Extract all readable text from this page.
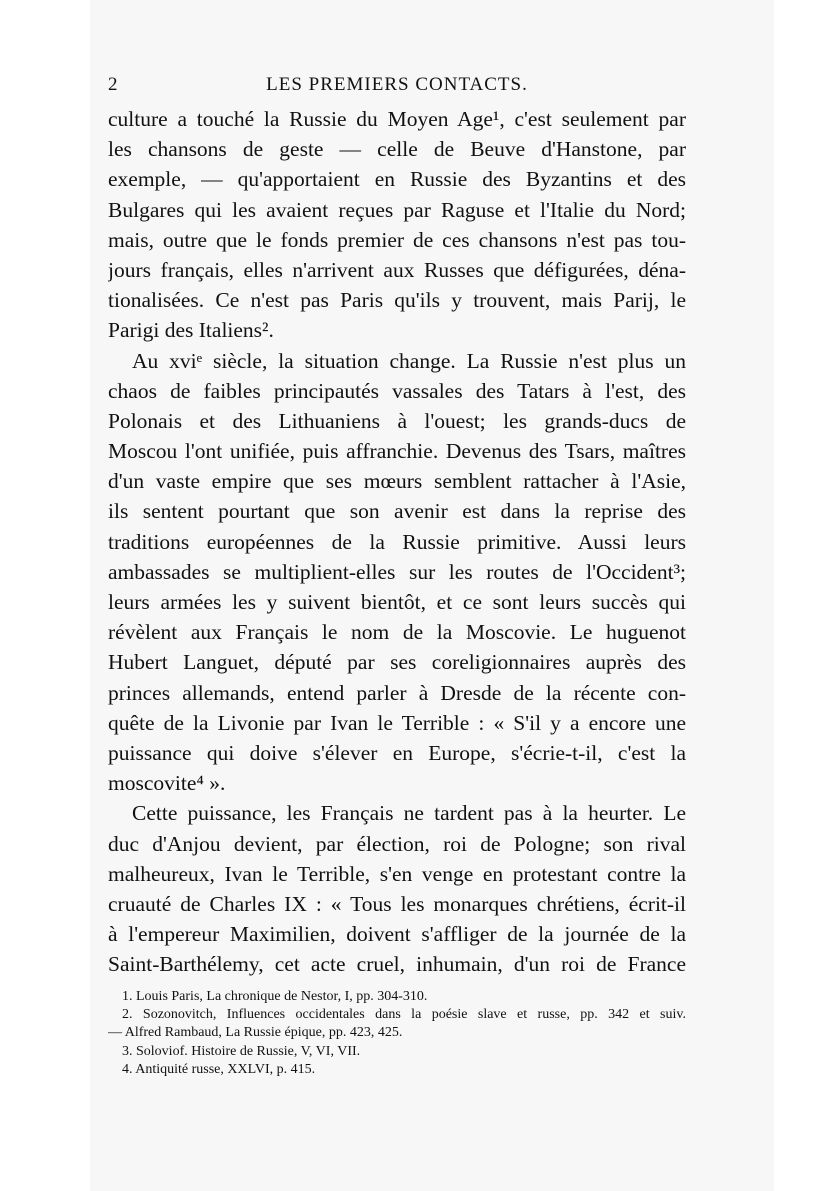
2	LES PREMIERS CONTACTS.
culture a touché la Russie du Moyen Age¹, c'est seulement par
les chansons de geste — celle de Beuve d'Hanstone, par
exemple, — qu'apportaient en Russie des Byzantins et des
Bulgares qui les avaient reçues par Raguse et l'Italie du Nord;
mais, outre que le fonds premier de ces chansons n'est pas tou-
jours français, elles n'arrivent aux Russes que défigurées, déna-
tionalisées. Ce n'est pas Paris qu'ils y trouvent, mais Parij, le
Parigi des Italiens².
Au xviᵉ siècle, la situation change. La Russie n'est plus un
chaos de faibles principautés vassales des Tatars à l'est, des
Polonais et des Lithuaniens à l'ouest; les grands-ducs de
Moscou l'ont unifiée, puis affranchie. Devenus des Tsars, maîtres
d'un vaste empire que ses mœurs semblent rattacher à l'Asie,
ils sentent pourtant que son avenir est dans la reprise des
traditions européennes de la Russie primitive. Aussi leurs
ambassades se multiplient-elles sur les routes de l'Occident³;
leurs armées les y suivent bientôt, et ce sont leurs succès qui
révèlent aux Français le nom de la Moscovie. Le huguenot
Hubert Languet, député par ses coreligionnaires auprès des
princes allemands, entend parler à Dresde de la récente con-
quête de la Livonie par Ivan le Terrible : « S'il y a encore une
puissance qui doive s'élever en Europe, s'écrie-t-il, c'est la
moscovite⁴ ».
Cette puissance, les Français ne tardent pas à la heurter. Le
duc d'Anjou devient, par élection, roi de Pologne; son rival
malheureux, Ivan le Terrible, s'en venge en protestant contre la
cruauté de Charles IX : « Tous les monarques chrétiens, écrit-il
à l'empereur Maximilien, doivent s'affliger de la journée de la
Saint-Barthélemy, cet acte cruel, inhumain, d'un roi de France
1. Louis Paris, La chronique de Nestor, I, pp. 304-310.
2. Sozonovitch, Influences occidentales dans la poésie slave et russe, pp. 342 et suiv.
— Alfred Rambaud, La Russie épique, pp. 423, 425.
3. Soloviof. Histoire de Russie, V, VI, VII.
4. Antiquité russe, XXLVI, p. 415.
